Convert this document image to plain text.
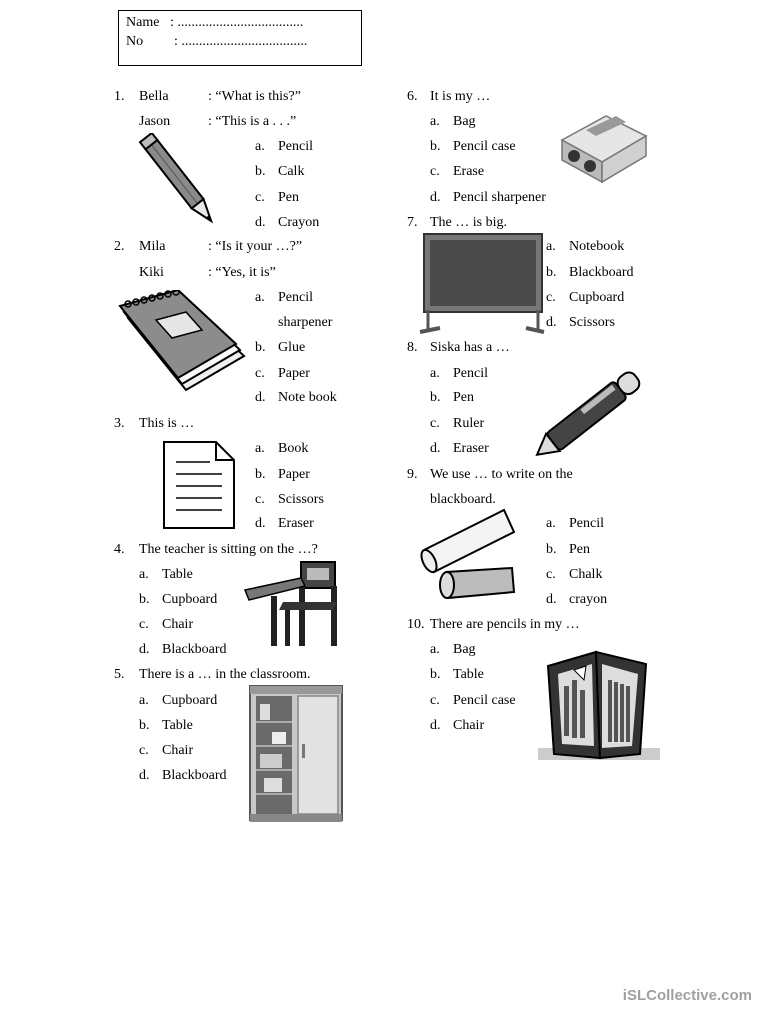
Name : ....................................
No : ....................................
1. Bella	: “What is this?”
Jason	: “This is a . . .”
a. Pencil
b. Calk
c. Pen
d. Crayon
2. Mila	: “Is it your …?”
Kiki	: “Yes, it is”
a. Pencil
sharpener
b. Glue
c. Paper
d. Note book
3. This is …
a. Book
b. Paper
c. Scissors
d. Eraser
4. The teacher is sitting on the …?
a. Table
b. Cupboard
c. Chair
d. Blackboard
5. There is a … in the classroom.
a. Cupboard
b. Table
c. Chair
d. Blackboard
6. It is my …
a. Bag
b. Pencil case
c. Erase
d. Pencil sharpener
7. The … is big.
a. Notebook
b. Blackboard
c. Cupboard
d. Scissors
8. Siska has a …
a. Pencil
b. Pen
c. Ruler
d. Eraser
9. We use … to write on the
blackboard.
a. Pencil
b. Pen
c. Chalk
d. crayon
10. There are pencils in my …
a. Bag
b. Table
c. Pencil case
d. Chair
iSLCollective.com
